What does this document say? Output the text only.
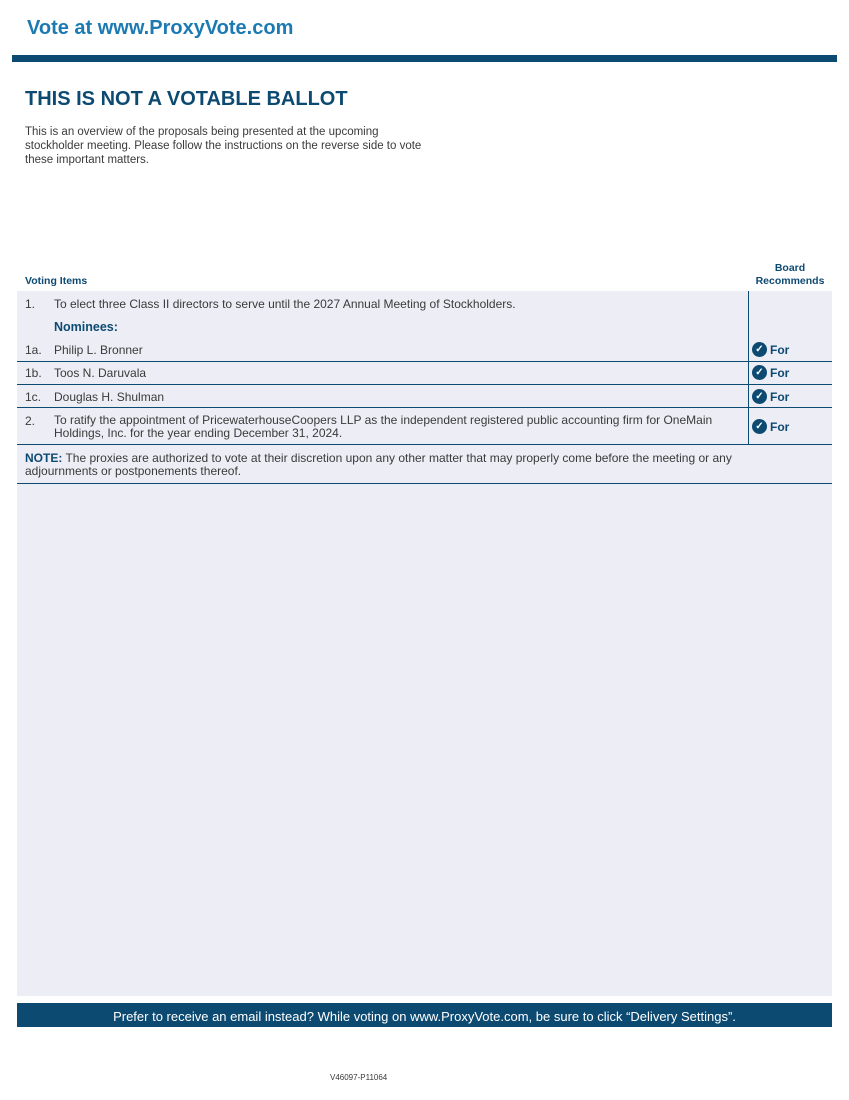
Vote at www.ProxyVote.com
THIS IS NOT A VOTABLE BALLOT

This is an overview of the proposals being presented at the upcoming stockholder meeting. Please follow the instructions on the reverse side to vote these important matters.

Voting Items
Board Recommends
1. To elect three Class II directors to serve until the 2027 Annual Meeting of Stockholders.
Nominees:
1a. Philip L. Bronner	✓ For
1b. Toos N. Daruvala	✓ For
1c. Douglas H. Shulman	✓ For
2. To ratify the appointment of PricewaterhouseCoopers LLP as the independent registered public accounting firm for OneMain Holdings, Inc. for the year ending December 31, 2024.	✓ For
NOTE: The proxies are authorized to vote at their discretion upon any other matter that may properly come before the meeting or any adjournments or postponements thereof.
Prefer to receive an email instead? While voting on www.ProxyVote.com, be sure to click “Delivery Settings”.
V46097-P11064
